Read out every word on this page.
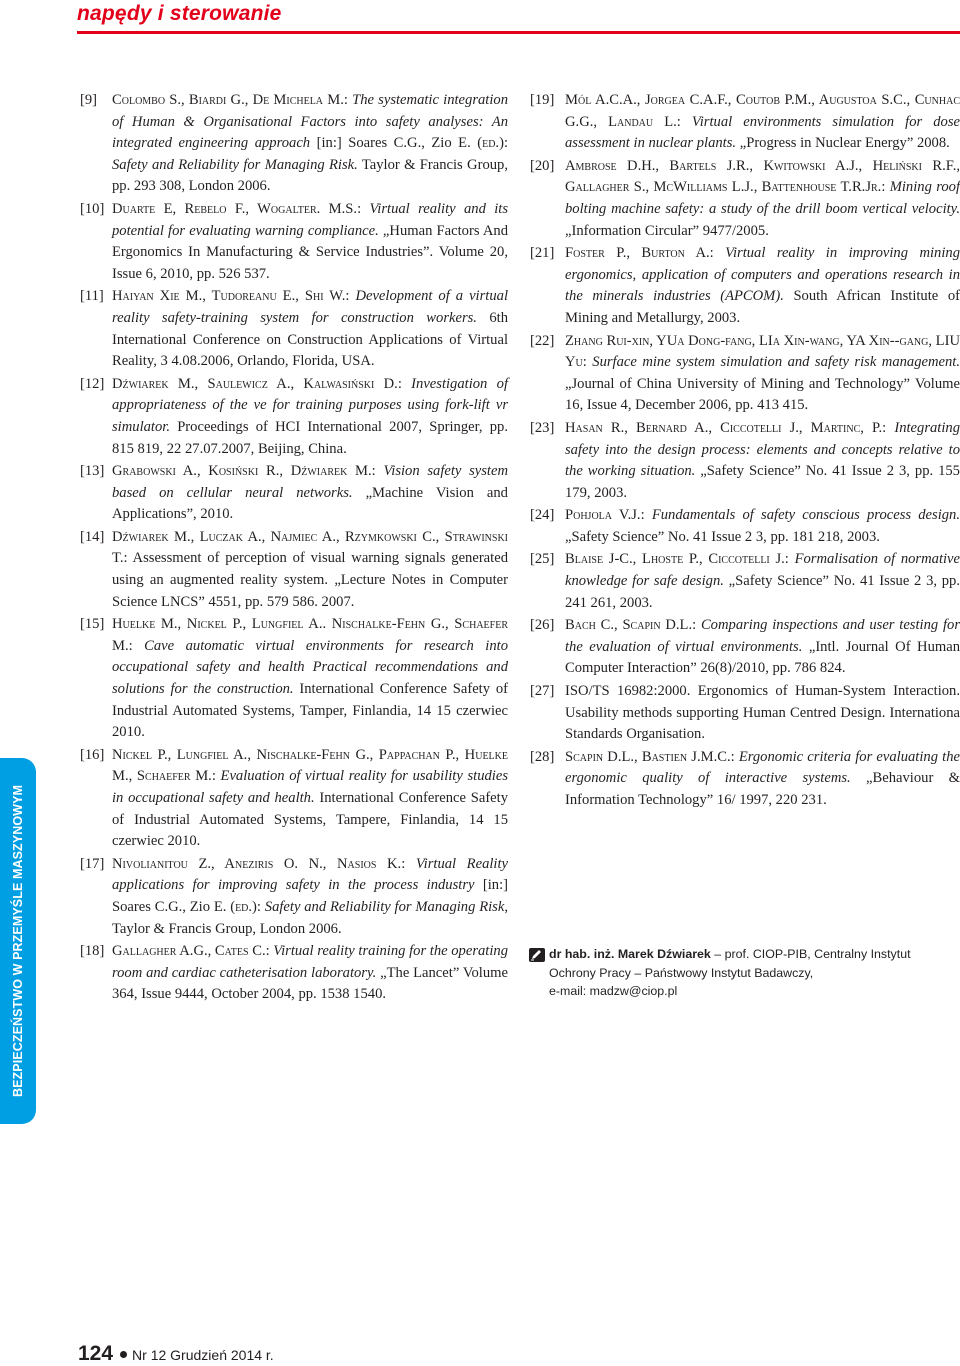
napędy i sterowanie
[9] Colombo S., Biardi G., De Michela M.: The systematic integration of Human & Organisational Factors into safety analyses: An integrated engineering approach [in:] Soares C.G., Zio E. (ed.): Safety and Reliability for Managing Risk. Taylor & Francis Group, pp. 293 308, London 2006.
[10] Duarte E, Rebelo F., Wogalter. M.S.: Virtual reality and its potential for evaluating warning compliance. „Human Factors And Ergonomics In Manufacturing & Service Industries”. Volume 20, Issue 6, 2010, pp. 526 537.
[11] Haiyan Xie M., Tudoreanu E., Shi W.: Development of a virtual reality safety-training system for construction workers. 6th International Conference on Construction Applications of Virtual Reality, 3 4.08.2006, Orlando, Florida, USA.
[12] Dźwiarek M., Saulewicz A., Kalwasiński D.: Investigation of appropriateness of the ve for training purposes using fork-lift vr simulator. Proceedings of HCI International 2007, Springer, pp. 815 819, 22 27.07.2007, Beijing, China.
[13] Grabowski A., Kosiński R., Dźwiarek M.: Vision safety system based on cellular neural networks. „Machine Vision and Applications”, 2010.
[14] Dźwiarek M., Luczak A., Najmiec A., Rzymkowski C., Strawinski T.: Assessment of perception of visual warning signals generated using an augmented reality system. „Lecture Notes in Computer Science LNCS” 4551, pp. 579 586. 2007.
[15] Huelke M., Nickel P., Lungfiel A.. Nischalke-Fehn G., Schaefer M.: Cave automatic virtual environments for research into occupational safety and health Practical recommendations and solutions for the construction. International Conference Safety of Industrial Automated Systems, Tamper, Finlandia, 14 15 czerwiec 2010.
[16] Nickel P., Lungfiel A., Nischalke-Fehn G., Pappachan P., Huelke M., Schaefer M.: Evaluation of virtual reality for usability studies in occupational safety and health. International Conference Safety of Industrial Automated Systems, Tampere, Finlandia, 14 15 czerwiec 2010.
[17] Nivolianitou Z., Aneziris O. N., Nasios K.: Virtual Reality applications for improving safety in the process industry [in:] Soares C.G., Zio E. (ed.): Safety and Reliability for Managing Risk, Taylor & Francis Group, London 2006.
[18] Gallagher A.G., Cates C.: Virtual reality training for the operating room and cardiac catheterisation laboratory. „The Lancet” Volume 364, Issue 9444, October 2004, pp. 1538 1540.
[19] Mól A.C.A., Jorgea C.A.F., Coutob P.M., Augustoa S.C., Cunhac G.G., Landau L.: Virtual environments simulation for dose assessment in nuclear plants. „Progress in Nuclear Energy” 2008.
[20] Ambrose D.H., Bartels J.R., Kwitowski A.J., Heliński R.F., Gallagher S., McWilliams L.J., Battenhouse T.R.Jr.: Mining roof bolting machine safety: a study of the drill boom vertical velocity. „Information Circular” 9477/2005.
[21] Foster P., Burton A.: Virtual reality in improving mining ergonomics, application of computers and operations research in the minerals industries (APCOM). South African Institute of Mining and Metallurgy, 2003.
[22] Zhang Rui-xin, YUa Dong-fang, LIa Xin-wang, YA Xin--gang, LIU Yu: Surface mine system simulation and safety risk management. „Journal of China University of Mining and Technology” Volume 16, Issue 4, December 2006, pp. 413 415.
[23] Hasan R., Bernard A., Ciccotelli J., Martinc, P.: Integrating safety into the design process: elements and concepts relative to the working situation. „Safety Science” No. 41 Issue 2 3, pp. 155 179, 2003.
[24] Pohjola V.J.: Fundamentals of safety conscious process design. „Safety Science” No. 41 Issue 2 3, pp. 181 218, 2003.
[25] Blaise J-C., Lhoste P., Ciccotelli J.: Formalisation of normative knowledge for safe design. „Safety Science” No. 41 Issue 2 3, pp. 241 261, 2003.
[26] Bach C., Scapin D.L.: Comparing inspections and user testing for the evaluation of virtual environments. „Intl. Journal Of Human Computer Interaction” 26(8)/2010, pp. 786 824.
[27] ISO/TS 16982:2000. Ergonomics of Human-System Interaction. Usability methods supporting Human Centred Design. Internationa Standards Organisation.
[28] Scapin D.L., Bastien J.M.C.: Ergonomic criteria for evaluating the ergonomic quality of interactive systems. „Behaviour & Information Technology” 16/ 1997, 220 231.
BEZPIECZEŃSTWO W PRZEMYŚLE MASZYNOWYM	dr hab. inż. Marek Dźwiarek – prof. CIOP-PIB, Centralny Instytut
Ochrony Pracy – Państwowy Instytut Badawczy,
e-mail: madzw@ciop.pl
124 Nr 12 Grudzień 2014 r.
